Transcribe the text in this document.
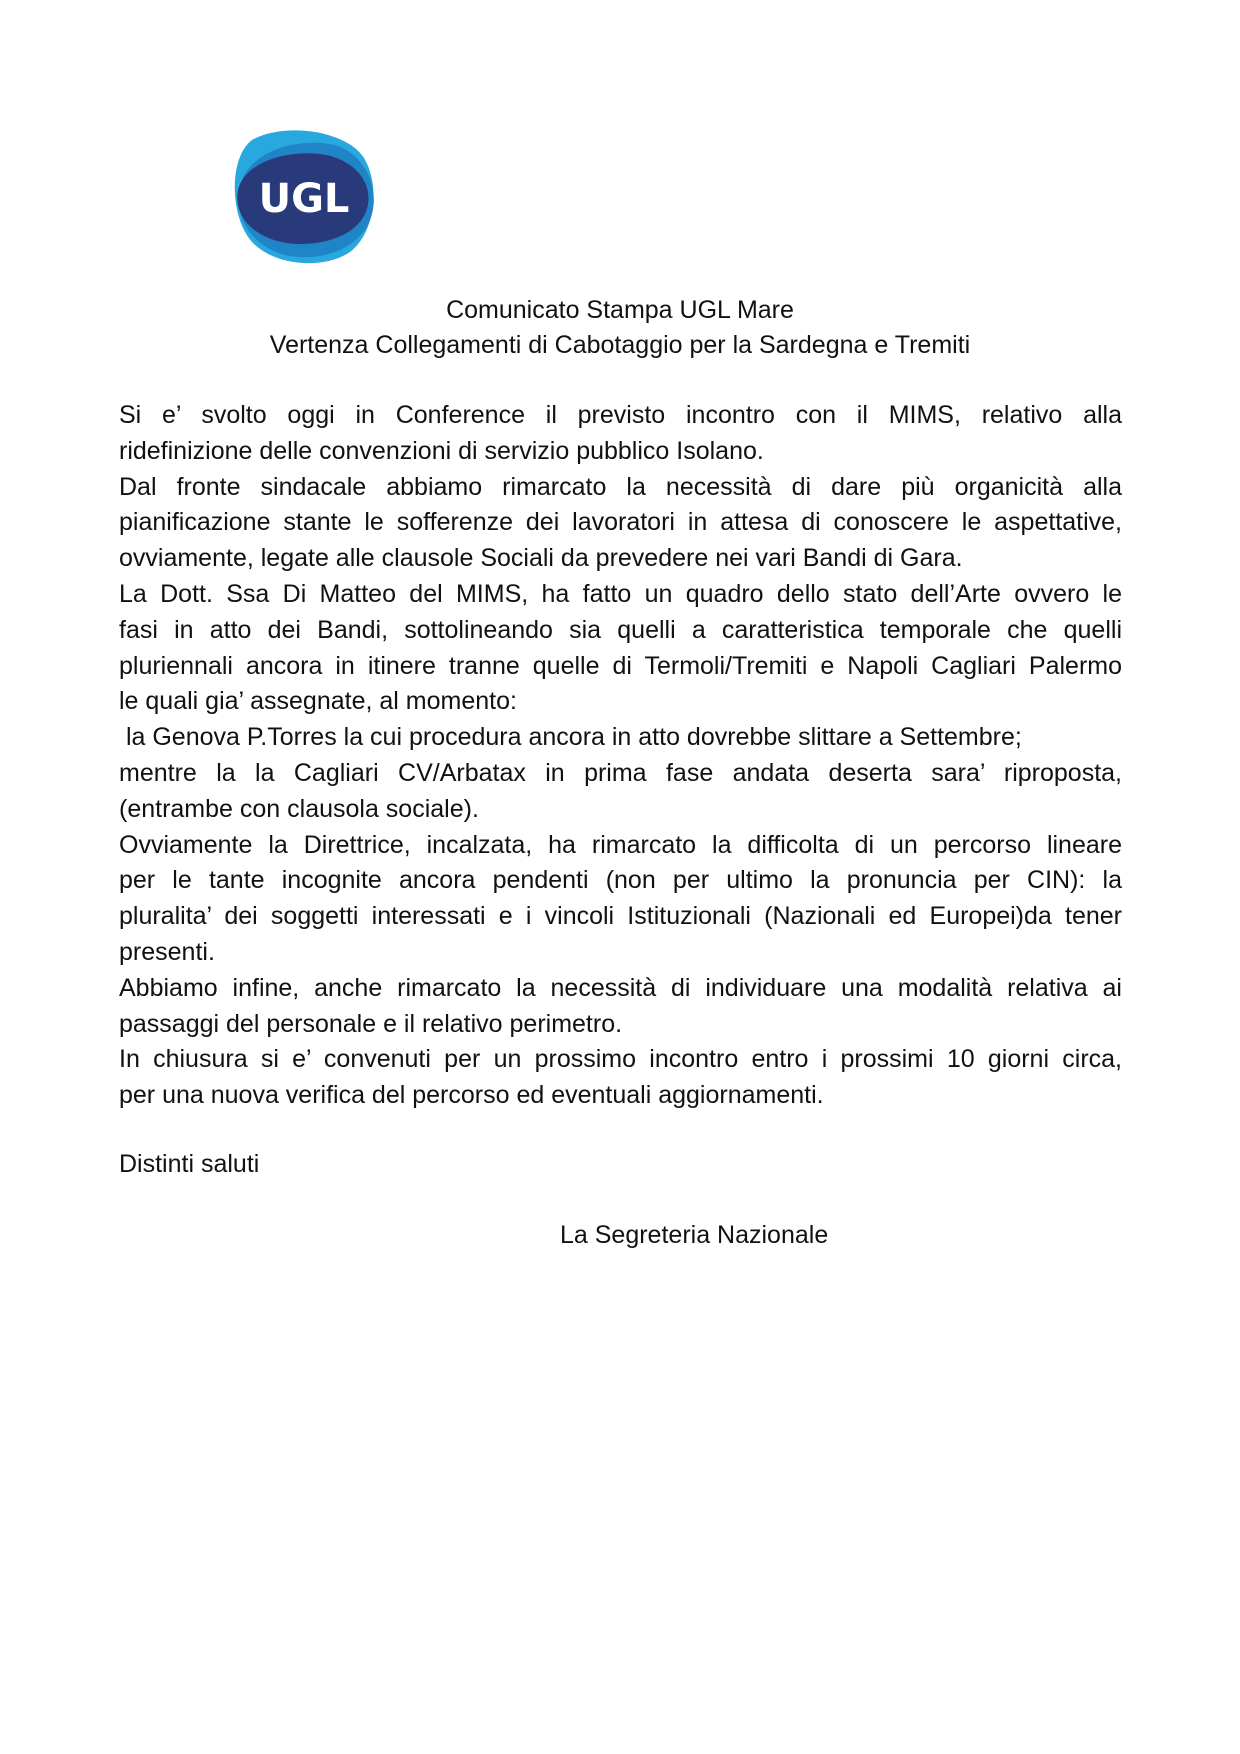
UGL
Comunicato Stampa UGL Mare
Vertenza Collegamenti di Cabotaggio per la Sardegna e Tremiti
Si e’ svolto oggi in Conference il previsto incontro con il MIMS, relativo alla
ridefinizione delle convenzioni di servizio pubblico Isolano.
Dal fronte sindacale abbiamo rimarcato la necessità di dare più organicità alla
pianificazione stante le sofferenze dei lavoratori in attesa di conoscere le aspettative,
ovviamente, legate alle clausole Sociali da prevedere nei vari Bandi di Gara.
La Dott. Ssa Di Matteo del MIMS, ha fatto un quadro dello stato dell’Arte ovvero le
fasi in atto dei Bandi, sottolineando sia quelli a caratteristica temporale che quelli
pluriennali ancora in itinere tranne quelle di Termoli/Tremiti e Napoli Cagliari Palermo
le quali gia’ assegnate, al momento:
la Genova P.Torres la cui procedura ancora in atto dovrebbe slittare a Settembre;
mentre la la Cagliari CV/Arbatax in prima fase andata deserta sara’ riproposta,
(entrambe con clausola sociale).
Ovviamente la Direttrice, incalzata, ha rimarcato la difficolta di un percorso lineare
per le tante incognite ancora pendenti (non per ultimo la pronuncia per CIN): la
pluralita’ dei soggetti interessati e i vincoli Istituzionali (Nazionali ed Europei)da tener
presenti.
Abbiamo infine, anche rimarcato la necessità di individuare una modalità relativa ai
passaggi del personale e il relativo perimetro.
In chiusura si e’ convenuti per un prossimo incontro entro i prossimi 10 giorni circa,
per una nuova verifica del percorso ed eventuali aggiornamenti.
Distinti saluti
La Segreteria Nazionale
